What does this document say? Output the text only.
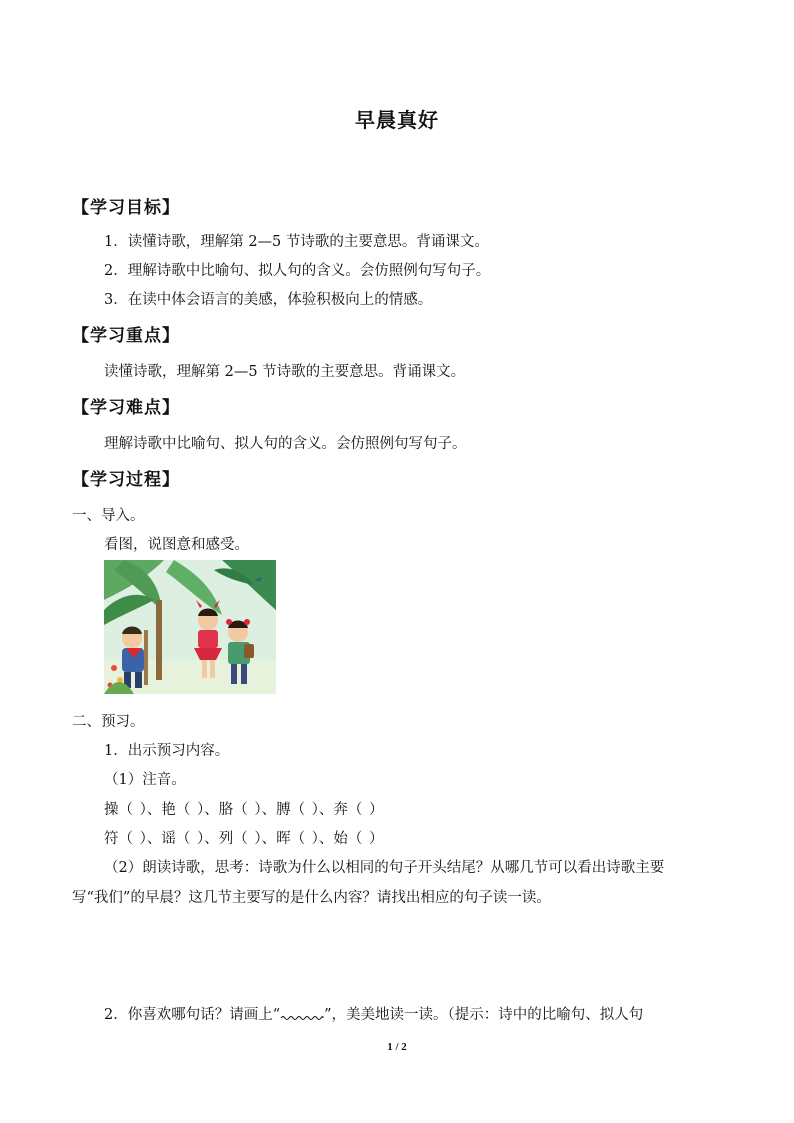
早晨真好
【学习目标】
1．读懂诗歌，理解第 2—5 节诗歌的主要意思。背诵课文。
2．理解诗歌中比喻句、拟人句的含义。会仿照例句写句子。
3．在读中体会语言的美感，体验积极向上的情感。
【学习重点】
读懂诗歌，理解第 2—5 节诗歌的主要意思。背诵课文。
【学习难点】
理解诗歌中比喻句、拟人句的含义。会仿照例句写句子。
【学习过程】
一、导入。
看图，说图意和感受。
二、预习。
1．出示预习内容。
（1）注音。
操（ ）、艳（ ）、胳（ ）、膊（ ）、奔（ ）
符（ ）、谣（ ）、列（ ）、晖（ ）、始（ ）
（2）朗读诗歌，思考：诗歌为什么以相同的句子开头结尾？从哪几节可以看出诗歌主要
写“我们”的早晨？这几节主要写的是什么内容？请找出相应的句子读一读。
2．你喜欢哪句话？请画上“	”，美美地读一读。（提示：诗中的比喻句、拟人句
1 / 2
